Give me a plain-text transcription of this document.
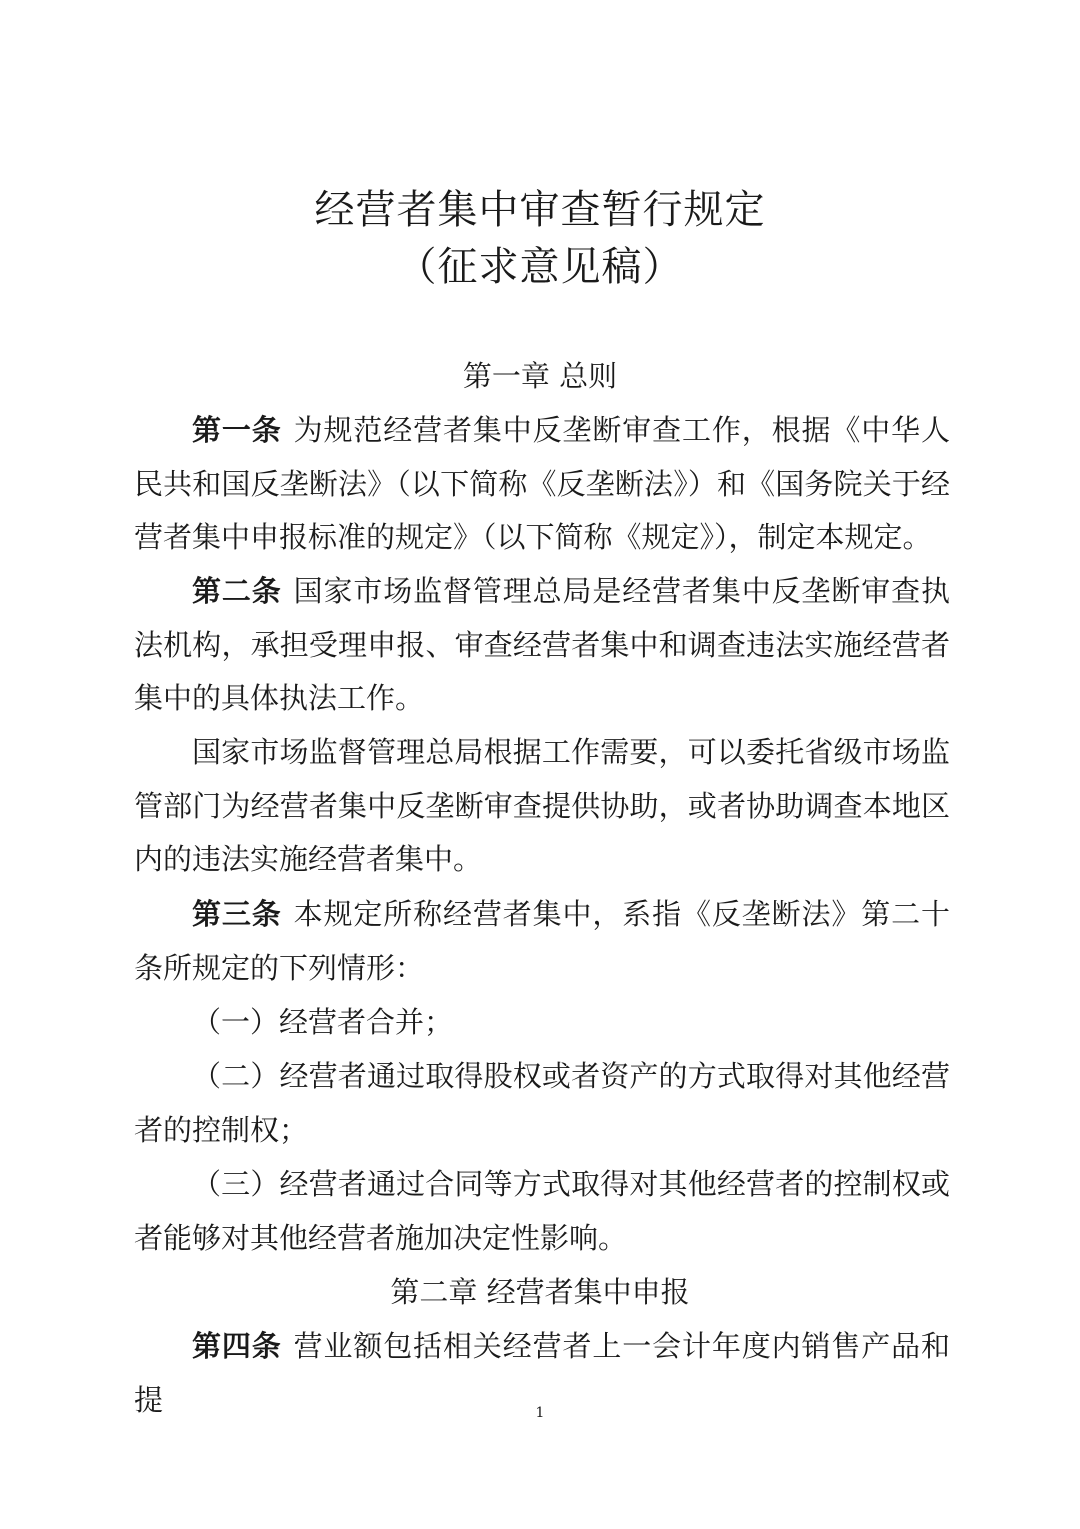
经营者集中审查暂行规定
（征求意见稿）
第一章 总则

第一条 为规范经营者集中反垄断审查工作，根据《中华人民共和国反垄断法》（以下简称《反垄断法》）和《国务院关于经营者集中申报标准的规定》（以下简称《规定》），制定本规定。

第二条 国家市场监督管理总局是经营者集中反垄断审查执法机构，承担受理申报、审查经营者集中和调查违法实施经营者集中的具体执法工作。

国家市场监督管理总局根据工作需要，可以委托省级市场监管部门为经营者集中反垄断审查提供协助，或者协助调查本地区内的违法实施经营者集中。

第三条 本规定所称经营者集中，系指《反垄断法》第二十条所规定的下列情形：

（一）经营者合并；

（二）经营者通过取得股权或者资产的方式取得对其他经营者的控制权；

（三）经营者通过合同等方式取得对其他经营者的控制权或者能够对其他经营者施加决定性影响。

第二章 经营者集中申报

第四条 营业额包括相关经营者上一会计年度内销售产品和提	1
